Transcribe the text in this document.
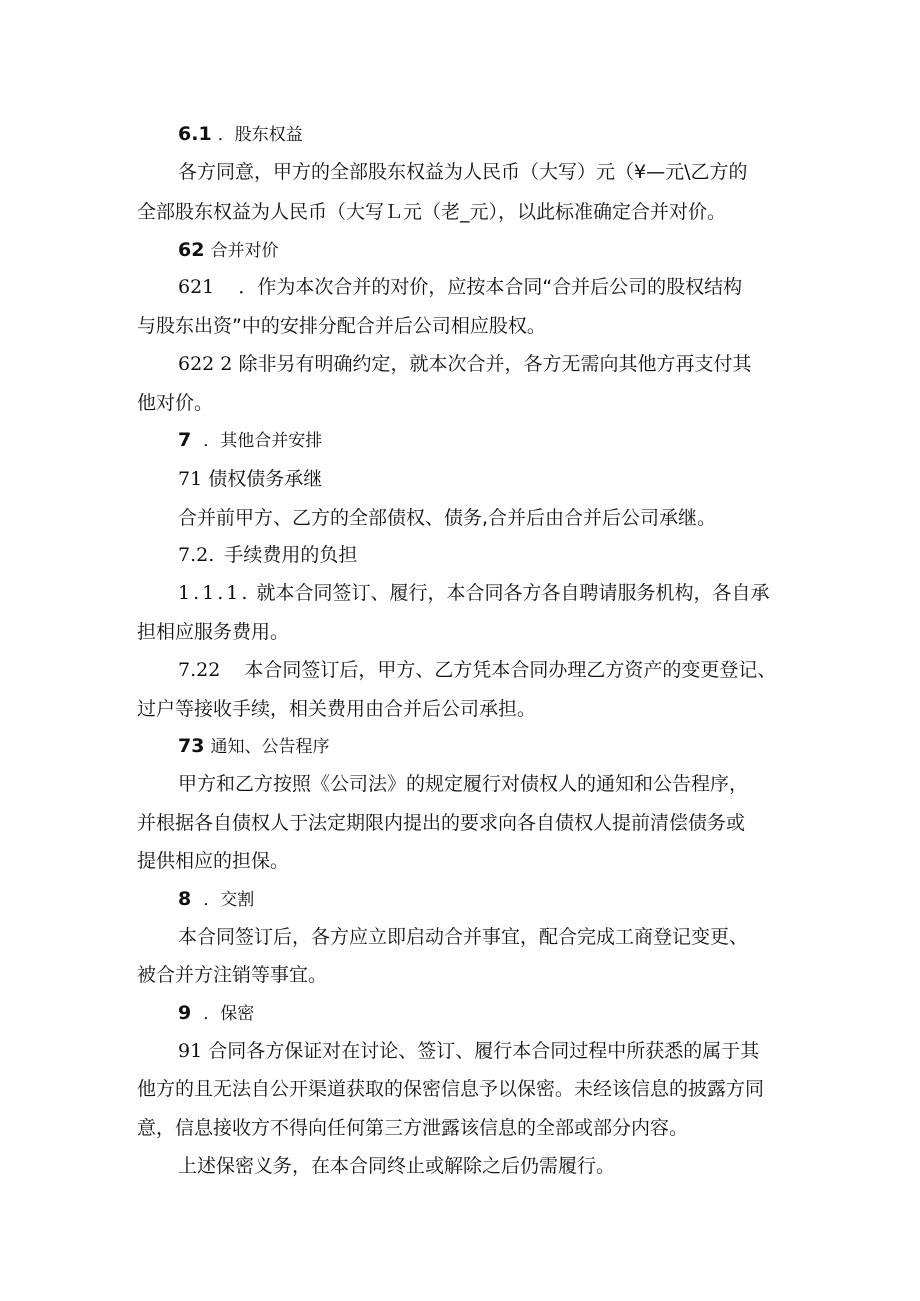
6.1 ．股东权益
各方同意，甲方的全部股东权益为人民币（大写）元（¥—元\乙方的
全部股东权益为人民币（大写Ｌ元（老_元），以此标准确定合并对价。
62 合并对价
621 ．作为本次合并的对价，应按本合同“合并后公司的股权结构
与股东出资”中的安排分配合并后公司相应股权。
622 2 除非另有明确约定，就本次合并，各方无需向其他方再支付其
他对价。
7 ．其他合并安排
71 债权债务承继
合并前甲方、乙方的全部债权、债务,合并后由合并后公司承继。
7.2. 手续费用的负担
1.1.1. 就本合同签订、履行，本合同各方各自聘请服务机构，各自承
担相应服务费用。
7.22 本合同签订后，甲方、乙方凭本合同办理乙方资产的变更登记、
过户等接收手续，相关费用由合并后公司承担。
73 通知、公告程序
甲方和乙方按照《公司法》的规定履行对债权人的通知和公告程序，
并根据各自债权人于法定期限内提出的要求向各自债权人提前清偿债务或
提供相应的担保。
8 ．交割
本合同签订后，各方应立即启动合并事宜，配合完成工商登记变更、
被合并方注销等事宜。
9 ．保密
91 合同各方保证对在讨论、签订、履行本合同过程中所获悉的属于其
他方的且无法自公开渠道获取的保密信息予以保密。未经该信息的披露方同
意，信息接收方不得向任何第三方泄露该信息的全部或部分内容。
上述保密义务，在本合同终止或解除之后仍需履行。
